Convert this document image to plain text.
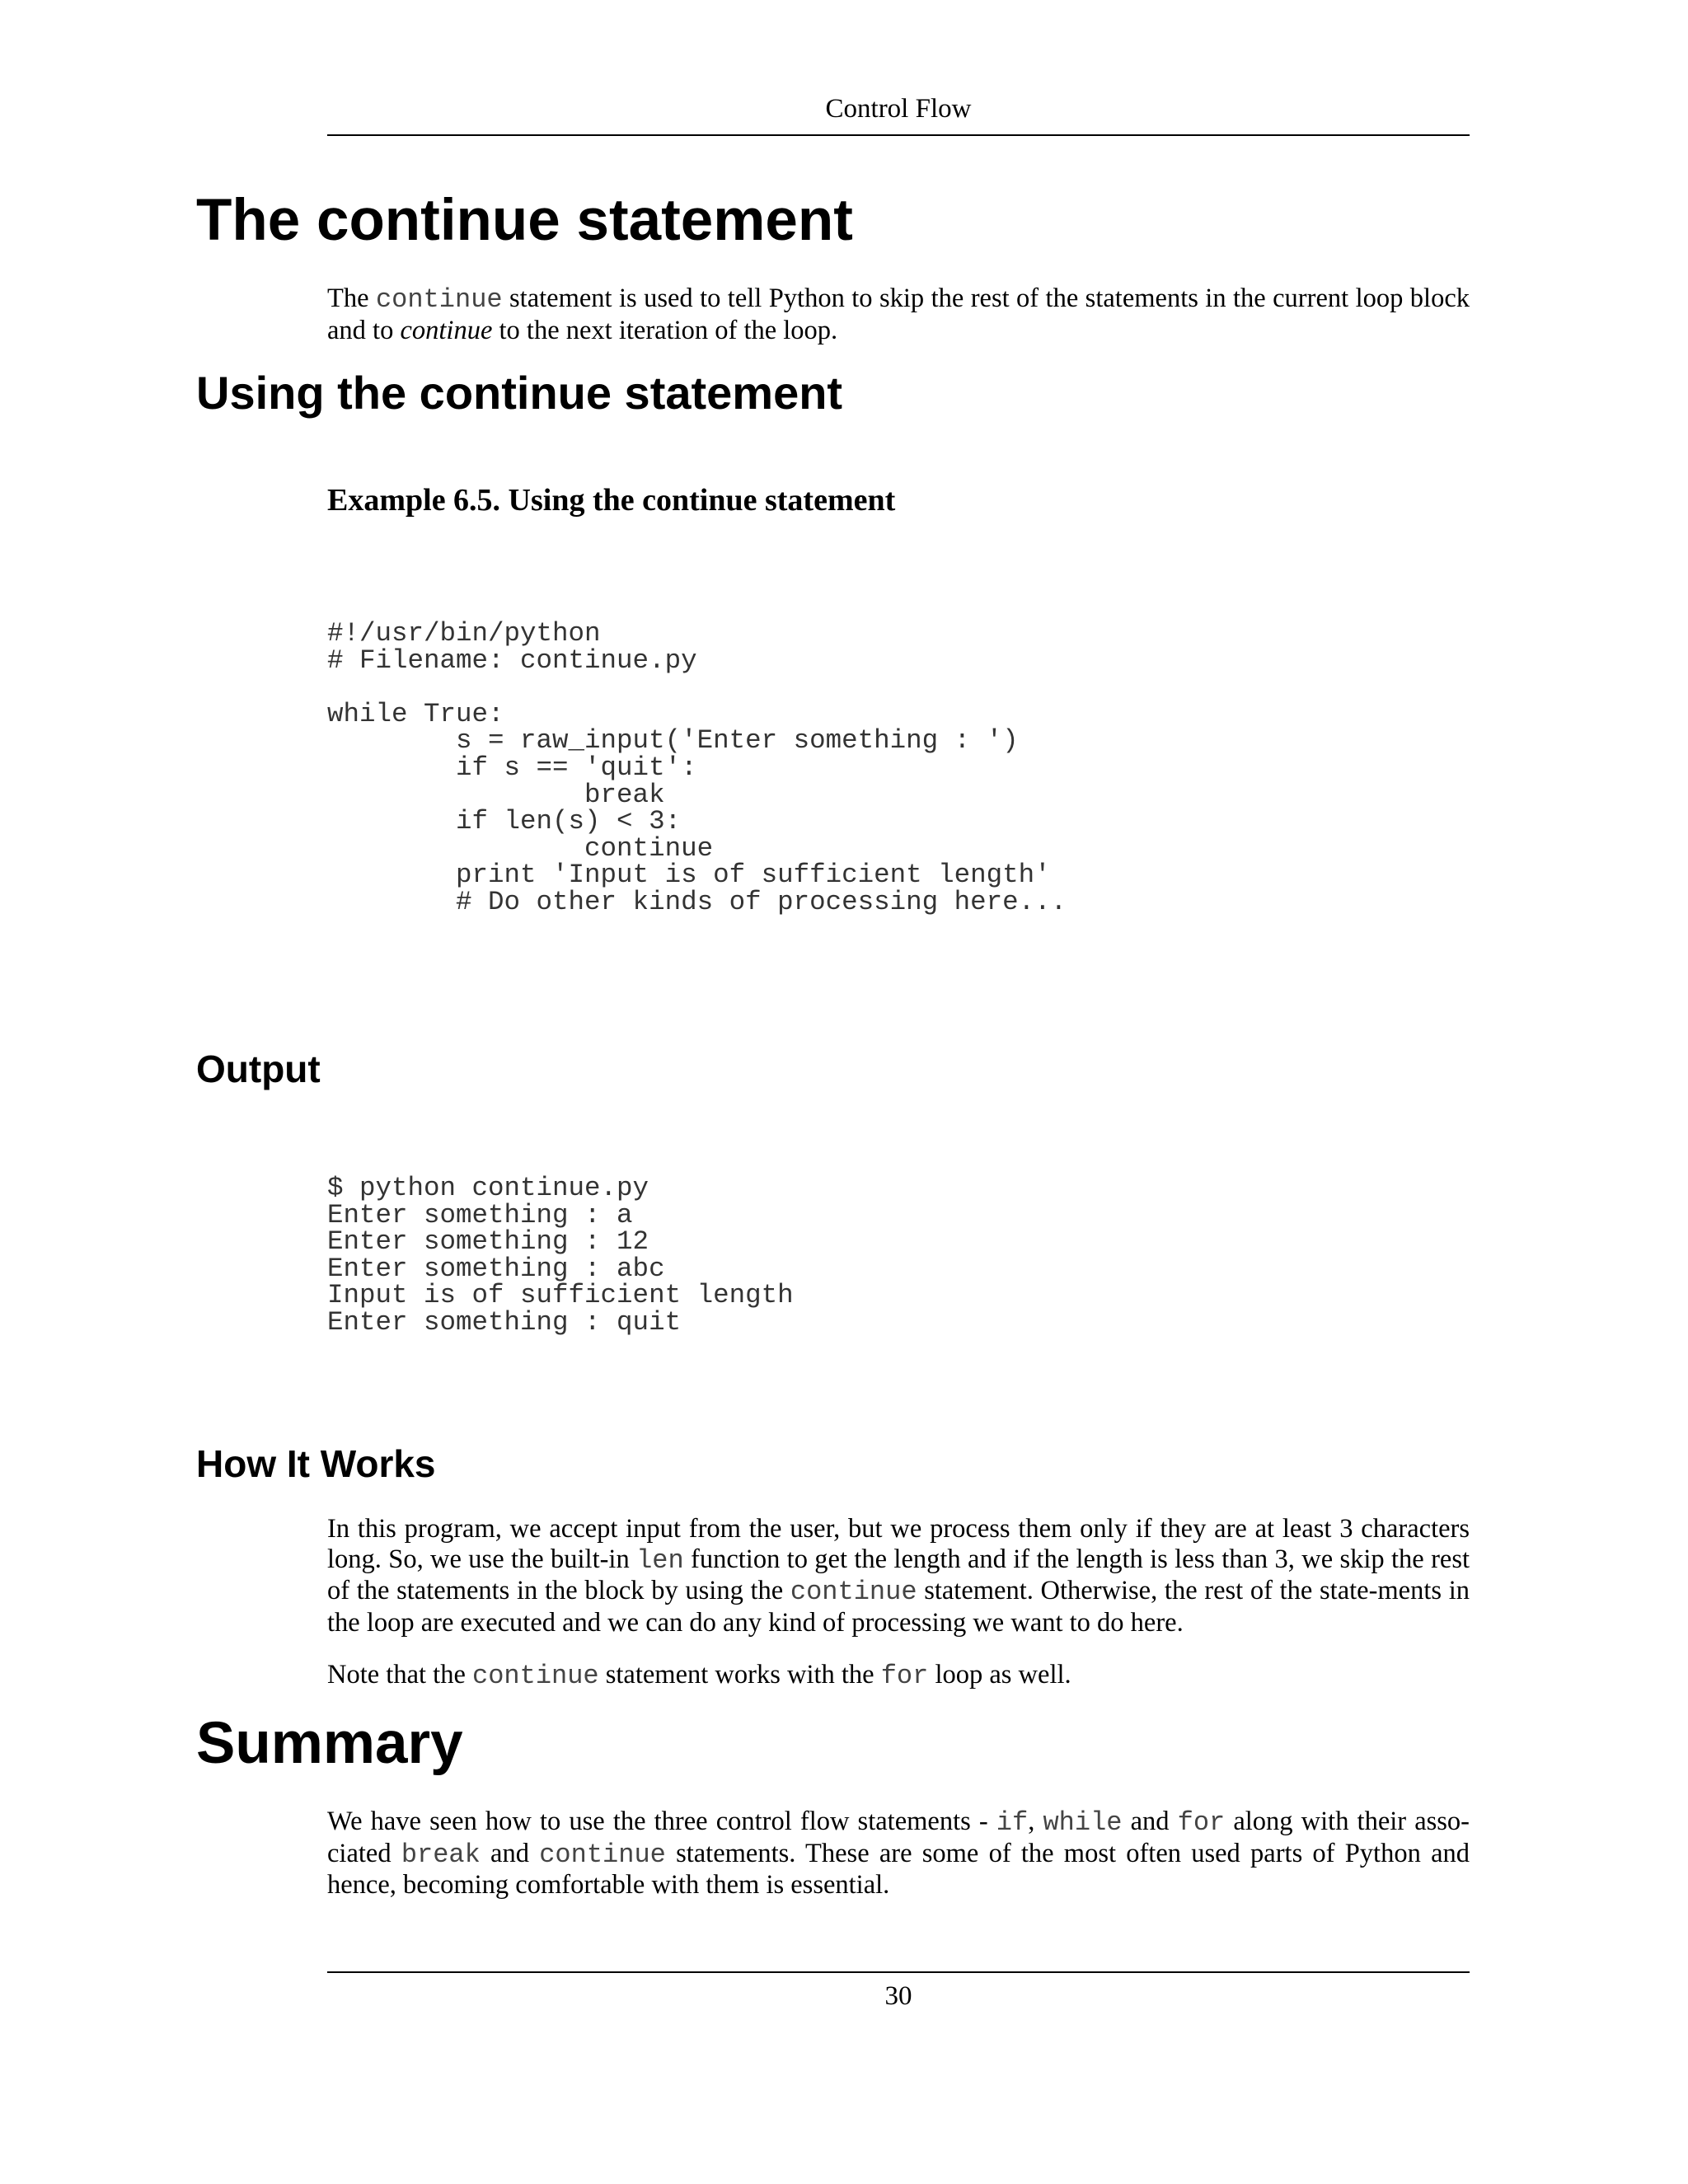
Control Flow
The continue statement

The continue statement is used to tell Python to skip the rest of the statements in the current loop block and to continue to the next iteration of the loop.

Using the continue statement
Example 6.5. Using the continue statement
#!/usr/bin/python
# Filename: continue.py

while True:
s = raw_input('Enter something : ')
if s == 'quit':
break
if len(s) < 3:
continue
print 'Input is of sufficient length'
# Do other kinds of processing here...
Output
$ python continue.py
Enter something : a
Enter something : 12
Enter something : abc
Input is of sufficient length
Enter something : quit
How It Works

In this program, we accept input from the user, but we process them only if they are at least 3 characters long. So, we use the built-in len function to get the length and if the length is less than 3, we skip the rest of the statements in the block by using the continue statement. Otherwise, the rest of the state-ments in the loop are executed and we can do any kind of processing we want to do here.

Note that the continue statement works with the for loop as well.

Summary

We have seen how to use the three control flow statements - if, while and for along with their asso-ciated break and continue statements. These are some of the most often used parts of Python and hence, becoming comfortable with them is essential.

30
